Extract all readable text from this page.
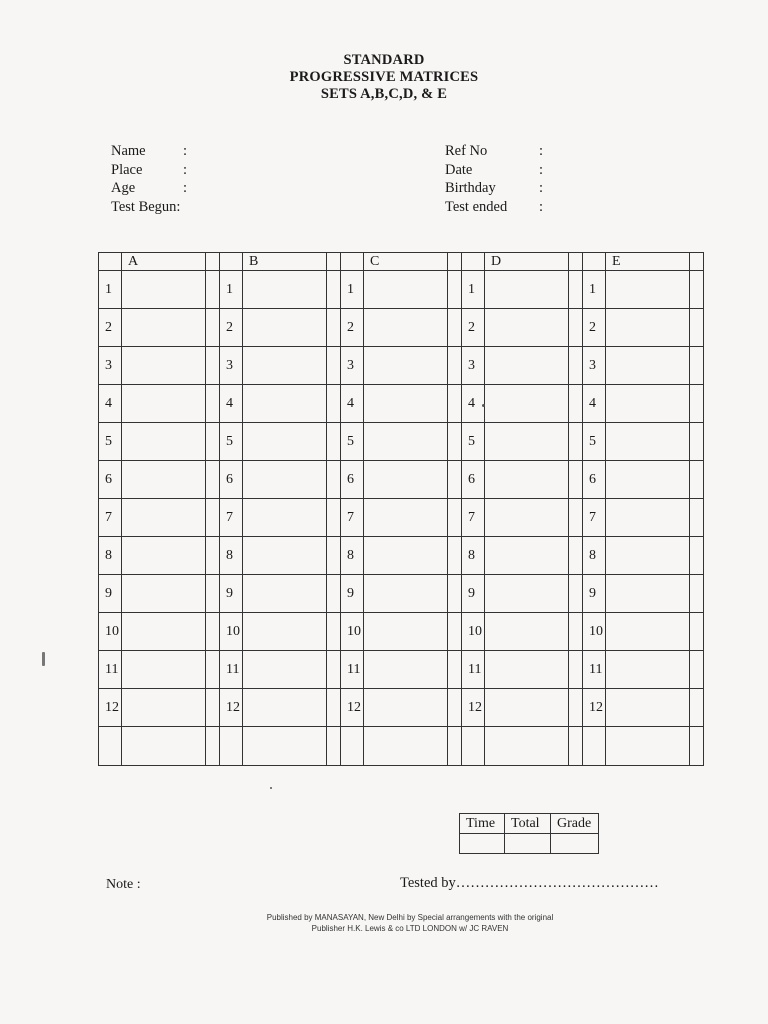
STANDARD
PROGRESSIVE MATRICES
SETS A,B,C,D, & E
Name	:
Place	:
Age	:
Test Begun:
Ref No	:
Date	:
Birthday	:
Test ended	:
	A			B			C			D			E	
1			1			1			1			1		
2			2			2			2			2		
3			3			3			3			3		
4			4			4			4			4		
5			5			5			5			5		
6			6			6			6			6		
7			7			7			7			7		
8			8			8			8			8		
9			9			9			9			9		
10			10			10			10			10		
11			11			11			11			11		
12			12			12			12			12		

Time	Total	Grade

Note :	Tested by……………………………………
Published by MANASAYAN, New Delhi by Special arrangements with the original
Publisher H.K. Lewis & co LTD LONDON w/ JC RAVEN
